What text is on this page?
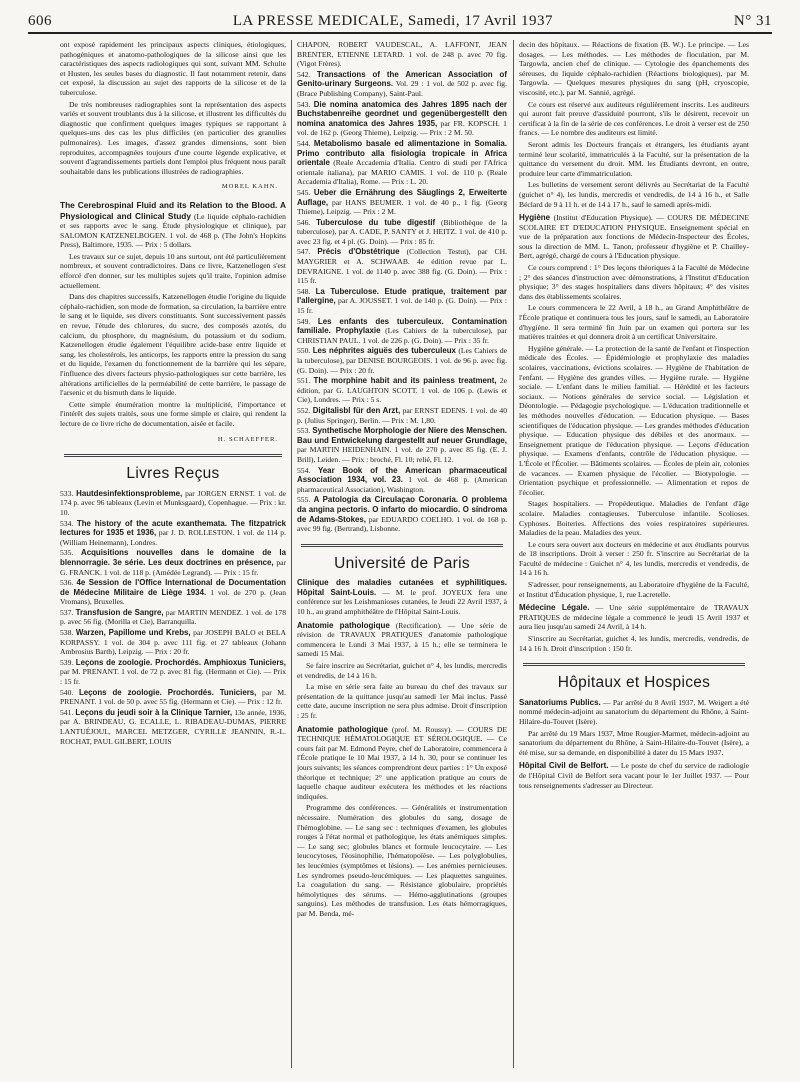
606	LA PRESSE MEDICALE, Samedi, 17 Avril 1937	N° 31

ont exposé rapidement les principaux aspects cliniques, étiologiques, pathogéniques et anatomo-pathologiques de la silicose ainsi que les caractéristiques des aspects radiologiques qui sont, suivant MM. Schulte et Husten, les seules bases du diagnostic. Il faut notamment retenir, dans cet exposé, la discussion au sujet des rapports de la silicose et de la tuberculose.

De très nombreuses radiographies sont la représentation des aspects variés et souvent troublants dus à la silicose, et illustrent les difficultés du diagnostic que confirment quelques images typiques se rapportant à quelques-uns des cas les plus difficiles (en particulier des granulies pulmonaires). Les images, d'assez grandes dimensions, sont bien reproduites, accompagnées toujours d'une courte légende explicative, et souvent d'agrandissements partiels dont l'emploi plus fréquent nous paraît souhaitable dans les publications illustrées de radiographies.

MOREL KAHN.

The Cerebrospinal Fluid and its Relation to the Blood. A Physiological and Clinical Study (Le liquide céphalo-rachidien et ses rapports avec le sang. Étude physiologique et clinique), par SALOMON KATZENELBOGEN. 1 vol. de 468 p. (The John's Hopkins Press), Baltimore, 1935. — Prix : 5 dollars.

Les travaux sur ce sujet, depuis 10 ans surtout, ont été particulièrement nombreux, et souvent contradictoires. Dans ce livre, Katzenellogen s'est efforcé d'en donner, sur les multiples sujets qu'il traite, l'opinion admise actuellement.

Dans des chapitres successifs, Katzenellogen étudie l'origine du liquide céphalo-rachidien, son mode de formation, sa circulation, la barrière entre le sang et le liquide, ses divers constituants. Sont successivement passés en revue, l'étude des chlorures, du sucre, des composés azotés, du calcium, du phosphore, du magnésium, du potassium et du sodium. Katzenellogen étudie également l'équilibre acide-base entre liquide et sang, les cholestérols, les anticorps, les rapports entre la pression du sang et du liquide, l'examen du fonctionnement de la barrière qui les sépare, l'influence des divers facteurs physio-pathologiques sur cette barrière, les altérations artificielles de la perméabilité de cette barrière, le passage de l'arsenic et du bismuth dans le liquide.

Cette simple énumération montre la multiplicité, l'importance et l'intérêt des sujets traités, sous une forme simple et claire, qui rendent la lecture de ce livre riche de documentation, aisée et facile.

H. SCHAEFFER.

Livres Reçus

533. Hautdesinfektionsprobleme, par JORGEN ERNST. 1 vol. de 174 p. avec 96 tableaux (Levin et Munksgaard), Copenhague. — Prix : kr. 10.

534. The history of the acute exanthemata. The fitzpatrick lectures for 1935 et 1936, par J. D. ROLLESTON. 1 vol. de 114 p. (William Heinemann), Londres.

535. Acquisitions nouvelles dans le domaine de la blennorragie. 3e série. Les deux doctrines en présence, par G. FRANCK. 1 vol. de 118 p. (Amédée Legrand). — Prix : 15 fr.

536. 4e Session de l'Office International de Documentation de Médecine Militaire de Liège 1934. 1 vol. de 270 p. (Jean Vromans), Bruxelles.

537. Transfusion de Sangre, par MARTIN MENDEZ. 1 vol. de 178 p. avec 56 fig. (Morilla et Cie), Barranquilla.

538. Warzen, Papillome und Krebs, par JOSEPH BALO et BELA KORPASSY. 1 vol. de 304 p. avec 111 fig. et 27 tableaux (Johann Ambrosius Barth), Leipzig. — Prix : 20 fr.

539. Leçons de zoologie. Prochordés. Amphioxus Tuniciers, par M. PRENANT. 1 vol. de 72 p. avec 81 fig. (Hermann et Cie). — Prix : 15 fr.

540. Leçons de zoologie. Prochordés. Tuniciers, par M. PRENANT. 1 vol. de 50 p. avec 55 fig. (Hermann et Cie). — Prix : 12 fr.

541. Leçons du jeudi soir à la Clinique Tarnier, 13e année, 1936, par A. BRINDEAU, G. ECALLE, L. RIBADEAU-DUMAS, PIERRE LANTUÉJOUL, MARCEL METZGER, CYRILLE JEANNIN, R.-L. ROCHAT, PAUL GILBERT, LOUIS

CHAPON, ROBERT VAUDESCAL, A. LAFFONT, JEAN BRENTER, ETIENNE LETARD. 1 vol. de 248 p. avec 70 fig. (Vigot Frères).

542. Transactions of the American Association of Genito-urinary Surgeons. Vol. 29 : 1 vol. de 502 p. avec fig. (Brace Publishing Company), Saint-Paul.

543. Die nomina anatomica des Jahres 1895 nach der Buchstabenreihe geordnet und gegenübergestellt den nomina anatomica des Jahres 1935, par FR. KOPSCH. 1 vol. de 162 p. (Georg Thieme), Leipzig. — Prix : 2 M. 50.

544. Metabolismo basale ed alimentazione in Somalia. Primo contributo alla fisiologia tropicale in Africa orientale (Reale Accademia d'Italia. Centro di studi per l'Africa orientale italiana), par MARIO CAMIS. 1 vol. de 110 p. (Reale Accademia d'Italia), Rome. — Prix : L. 20.

545. Ueber die Ernährung des Säuglings 2, Erweiterte Auflage, par HANS BEUMER. 1 vol. de 40 p., 1 fig. (Georg Thieme), Leipzig. — Prix : 2 M.

546. Tuberculose du tube digestif (Bibliothèque de la tuberculose), par A. CADE, P. SANTY et J. HEITZ. 1 vol. de 410 p. avec 23 fig. et 4 pl. (G. Doin). — Prix : 85 fr.

547. Précis d'Obstétrique (Collection Testut), par CH. MAYGRIER et A. SCHWAAB. 4e édition revue par L. DEVRAIGNE. 1 vol. de 1140 p. avec 388 fig. (G. Doin). — Prix : 115 fr.

548. La Tuberculose. Etude pratique, traitement par l'allergine, par A. JOUSSET. 1 vol. de 140 p. (G. Doin). — Prix : 15 fr.

549. Les enfants des tuberculeux. Contamination familiale. Prophylaxie (Les Cahiers de la tuberculose), par CHRISTIAN PAUL. 1 vol. de 226 p. (G. Doin). — Prix : 35 fr.

550. Les néphrites aiguës des tuberculeux (Les Cahiers de la tuberculose), par DENISE BOURGEOIS. 1 vol. de 96 p. avec fig. (G. Doin). — Prix : 20 fr.

551. The morphine habit and its painless treatment, 2e édition, par G. LAUGHTON SCOTT. 1 vol. de 106 p. (Lewis et Cie), Londres. — Prix : 5 s.

552. Digitalisbl für den Arzt, par ERNST EDENS. 1 vol. de 40 p. (Julius Springer), Berlin. — Prix : M. 1,80.

553. Synthetische Morphologie der Niere des Menschen. Bau und Entwickelung dargestellt auf neuer Grundlage, par MARTIN HEIDENHAIN. 1 vol. de 270 p. avec 85 fig. (E. J. Brill), Leiden. — Prix : broché, Fl. 10; relié, Fl. 12.

554. Year Book of the American pharmaceutical Association 1934, vol. 23. 1 vol. de 468 p. (American pharmaceutical Association), Washington.

555. A Patologia da Circulaçao Coronaria. O problema da angina pectoris. O infarto do miocardio. O síndroma de Adams-Stokes, par EDUARDO COELHO. 1 vol. de 168 p. avec 99 fig. (Bertrand), Lisbonne.

Université de Paris

Clinique des maladies cutanées et syphilitiques. Hôpital Saint-Louis. — M. le prof. JOYEUX fera une conférence sur les Leishmanioses cutanées, le Jeudi 22 Avril 1937, à 10 h., au grand amphithéâtre de l'Hôpital Saint-Louis.

Anatomie pathologique (Rectification). — Une série de révision de TRAVAUX PRATIQUES d'anatomie pathologique commencera le Lundi 3 Mai 1937, à 15 h.; elle se terminera le samedi 15 Mai.

Se faire inscrire au Secrétariat, guichet n° 4, les lundis, mercredis et vendredis, de 14 à 16 h.

La mise en série sera faite au bureau du chef des travaux sur présentation de la quittance jusqu'au samedi 1er Mai inclus. Passé cette date, aucune inscription ne sera plus admise. Droit d'inscription : 25 fr.

Anatomie pathologique (prof. M. Roussy). — COURS DE TECHNIQUE HÉMATOLOGIQUE ET SÉROLOGIQUE. — Ce cours fait par M. Edmond Peyre, chef de Laboratoire, commencera à l'École pratique le 10 Mai 1937, à 14 h. 30, pour se continuer les jours suivants; les séances comprendront deux parties : 1° Un exposé théorique et technique; 2° une application pratique au cours de laquelle chaque auditeur exécutera les méthodes et les réactions indiquées.

Programme des conférences. — Généralités et instrumentation nécessaire. Numération des globules du sang, dosage de l'hémoglobine. — Le sang sec : techniques d'examen, les globules rouges à l'état normal et pathologique, les états anémiques simples. — Le sang sec; globules blancs et formule leucocytaire. — Les leucocytoses, l'éosinophilie, l'hématopoïèse. — Les polyglobulies, les leucémies (symptômes et lésions). — Les anémies pernicieuses. Les syndromes pseudo-leucémiques. — Les plaquettes sanguines. La coagulation du sang. — Résistance globulaire, propriétés hémolytiques des sérums. — Hémo-agglutinations (groupes sanguins). Les méthodes de transfusion. Les états hémorragiques, par M. Benda, mé-

decin des hôpitaux. — Réactions de fixation (B. W.). Le principe. — Les dosages. — Les méthodes. — Les méthodes de floculation, par M. Targowla, ancien chef de clinique. — Cytologie des épanchements des séreuses, du liquide céphalo-rachidien (Réactions biologiques), par M. Targowla. — Quelques mesures physiques du sang (pH, cryoscopie, viscosité, etc.), par M. Sannié, agrégé.

Ce cours est réservé aux auditeurs régulièrement inscrits. Les auditeurs qui auront fait preuve d'assiduité pourront, s'ils le désirent, recevoir un certificat à la fin de la série de ces conférences. Le droit à verser est de 250 francs. — Le nombre des auditeurs est limité.

Seront admis les Docteurs français et étrangers, les étudiants ayant terminé leur scolarité, immatriculés à la Faculté, sur la présentation de la quittance du versement du droit. MM. les Étudiants devront, en outre, produire leur carte d'immatriculation.

Les bulletins de versement seront délivrés au Secrétariat de la Faculté (guichet n° 4), les lundis, mercredis et vendredis, de 14 à 16 h., et Salle Béclard de 9 à 11 h. et de 14 à 17 h., sauf le samedi après-midi.

Hygiène (Institut d'Education Physique). — COURS DE MÉDECINE SCOLAIRE ET D'EDUCATION PHYSIQUE. Enseignement spécial en vue de la préparation aux fonctions de Médecin-Inspecteur des Écoles, sous la direction de MM. L. Tanon, professeur d'hygiène et P. Chailley-Bert, agrégé, chargé de cours à l'Education physique.

Ce cours comprend : 1° Des leçons théoriques à la Faculté de Médecine ; 2° des séances d'instruction avec démonstrations, à l'Institut d'Education physique; 3° des stages hospitaliers dans divers hôpitaux; 4° des visites dans des établissements scolaires.

Le cours commencera le 22 Avril, à 18 h., au Grand Amphithéâtre de l'École pratique et continuera tous les jours, sauf le samedi, au Laboratoire d'hygiène. Il sera terminé fin Juin par un examen qui portera sur les matières traitées et qui donnera droit à un certificat Universitaire.

Hygiène générale. — La protection de la santé de l'enfant et l'inspection médicale des Écoles. — Épidémiologie et prophylaxie des maladies scolaires, vaccinations, évictions scolaires. — Hygiène de l'habitation de l'enfant. — Hygiène des grandes villes. — Hygiène rurale. — Hygiène sociale. — L'enfant dans le milieu familial. — Hérédité et les facteurs sociaux. — Notions générales de service social. — Législation et Déontologie. — Pédagogie psychologique. — L'éducation traditionnelle et les méthodes nouvelles d'éducation. — Education physique. — Bases scientifiques de l'éducation physique. — Les grandes méthodes d'éducation physique. — Education physique des débiles et des anormaux. — Enseignement pratique de l'éducation physique. — Leçons d'éducation physique. — Examens d'enfants, contrôle de l'éducation physique. — L'École et l'Écolier. — Bâtiments scolaires. — Écoles de plein air, colonies de vacances. — Examen physique de l'écolier. — Biotypologie. — Orientation psychique et professionnelle. — Alimentation et repos de l'écolier.

Stages hospitaliers. — Propédeutique. Maladies de l'enfant d'âge scolaire. Maladies contagieuses. Tuberculose infantile. Scolioses. Cyphoses. Boiteries. Affections des voies respiratoires supérieures. Maladies de la peau. Maladies des yeux.

Le cours sera ouvert aux docteurs en médecine et aux étudiants pourvus de 18 inscriptions. Droit à verser : 250 fr. S'inscrire au Secrétariat de la Faculté de médecine : Guichet n° 4, les lundis, mercredis et vendredis, de 14 à 16 h.

S'adresser, pour renseignements, au Laboratoire d'hygiène de la Faculté, et Institut d'Éducation physique, 1, rue Lacretelle.

Médecine Légale. — Une série supplémentaire de TRAVAUX PRATIQUES de médecine légale a commencé le jeudi 15 Avril 1937 et aura lieu jusqu'au samedi 24 Avril, à 14 h.

S'inscrire au Secrétariat, guichet 4, les lundis, mercredis, vendredis, de 14 à 16 h. Droit d'inscription : 150 fr.

Hôpitaux et Hospices

Sanatoriums Publics. — Par arrêté du 8 Avril 1937, M. Weigert a été nommé médecin-adjoint au sanatorium du département du Rhône, à Saint-Hilaire-du-Touvet (Isère).

Par arrêté du 19 Mars 1937, Mme Rougier-Marmet, médecin-adjoint au sanatorium du département du Rhône, à Saint-Hilaire-du-Touvet (Isère), a été mise, sur sa demande, en disponibilité à dater du 15 Mars 1937.

Hôpital Civil de Belfort. — Le poste de chef du service de radiologie de l'Hôpital Civil de Belfort sera vacant pour le 1er Juillet 1937. — Pour tous renseignements s'adresser au Directeur.
